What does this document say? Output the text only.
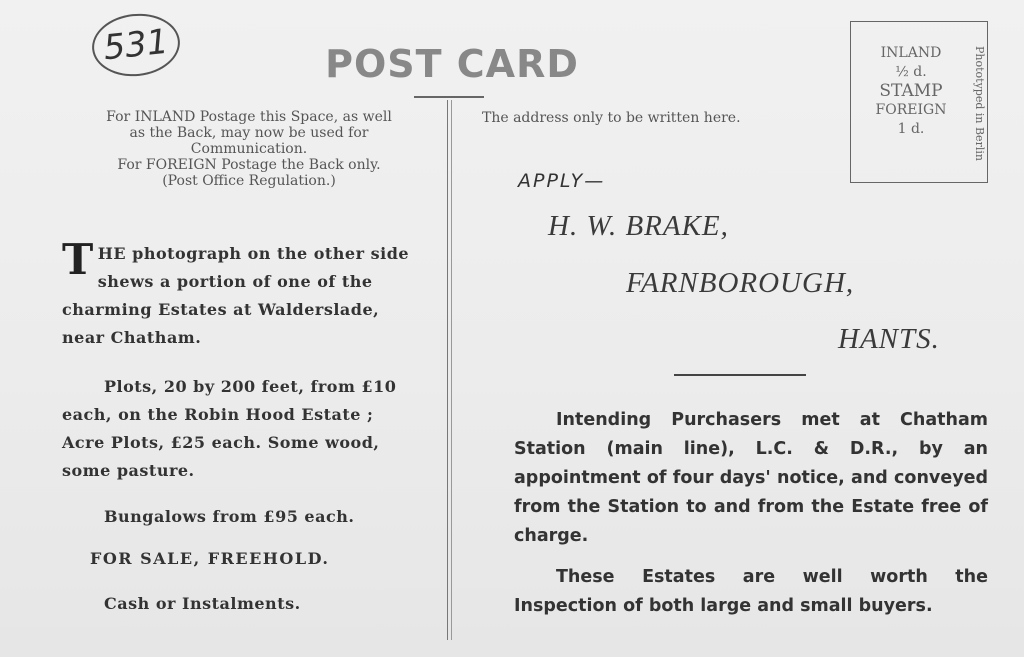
531	POST CARD
For INLAND Postage this Space, as well
as the Back, may now be used for
Communication.
For FOREIGN Postage the Back only.
(Post Office Regulation.)
The address only to be written here.
INLAND
½ d.
STAMP
FOREIGN
1 d.	Phototyped in Berlin
T HE photograph on the other side shews a portion of one of the charming Estates at Walderslade, near Chatham.

Plots, 20 by 200 feet, from £10 each, on the Robin Hood Estate ; Acre Plots, £25 each. Some wood, some pasture.

Bungalows from £95 each.
FOR SALE, FREEHOLD.
Cash or Instalments.
APPLY—
H. W. BRAKE,
FARNBOROUGH,
HANTS.

Intending Purchasers met at Chatham Station (main line), L.C. & D.R., by an appointment of four days' notice, and conveyed from the Station to and from the Estate free of charge.

These Estates are well worth the Inspection of both large and small buyers.
